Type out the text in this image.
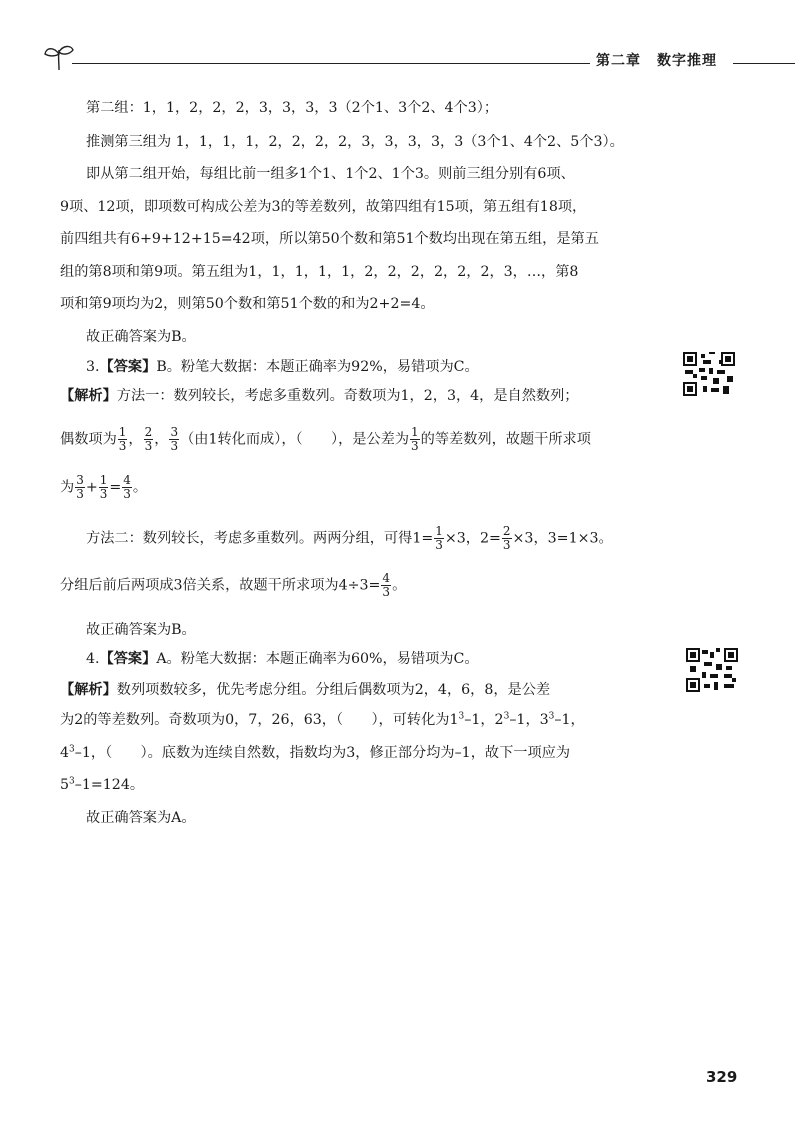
第二章 数字推理
第二组：1，1，2，2，2，3，3，3，3（2个1、3个2、4个3）；
推测第三组为 1，1，1，1，2，2，2，2，3，3，3，3，3（3个1、4个2、5个3）。
即从第二组开始，每组比前一组多1个1、1个2、1个3。则前三组分别有6项、
9项、12项，即项数可构成公差为3的等差数列，故第四组有15项，第五组有18项，
前四组共有6+9+12+15=42项，所以第50个数和第51个数均出现在第五组，是第五
组的第8项和第9项。第五组为1，1，1，1，1，2，2，2，2，2，2，3，…，第8
项和第9项均为2，则第50个数和第51个数的和为2+2=4。
故正确答案为B。
3.【答案】B。粉笔大数据：本题正确率为92%，易错项为C。
【解析】方法一：数列较长，考虑多重数列。奇数项为1，2，3，4，是自然数列；
偶数项为 $\frac{1}{3}$ ， $\frac{2}{3}$ ， $\frac{3}{3}$ （由1转化而成），（　　），是公差为 $\frac{1}{3}$ 的等差数列，故题干所求项
为 $\frac{3}{3} + \frac{1}{3} = \frac{4}{3}$ 。
方法二：数列较长，考虑多重数列。两两分组，可得$1= \frac{1}{3} \times 3$，$2= \frac{2}{3} \times 3$，3=1×3。
分组后前后两项成3倍关系，故题干所求项为$4\div 3= \frac{4}{3}$ 。
故正确答案为B。
4.【答案】A。粉笔大数据：本题正确率为60%，易错项为C。
【解析】数列项数较多，优先考虑分组。分组后偶数项为2，4，6，8，是公差
为2的等差数列。奇数项为0，7，26，63，（　　），可转化为$1^3-1$，$2^3-1$，$3^3-1$，
$4^3-1$，（　　）。底数为连续自然数，指数均为3，修正部分均为–1，故下一项应为
$5^3-1=124$。
故正确答案为A。
329
